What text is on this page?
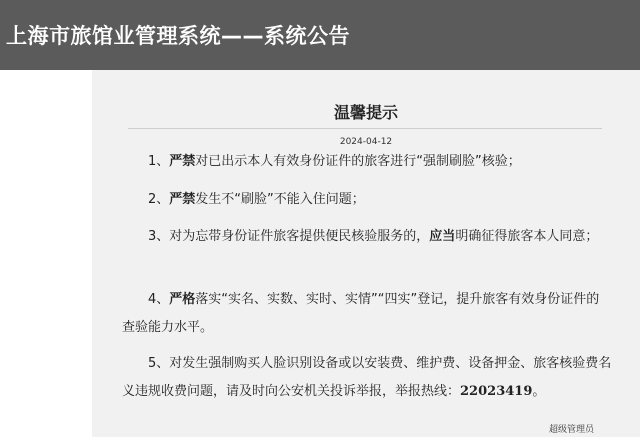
上海市旅馆业管理系统——系统公告
温馨提示
2024-04-12
1、严禁对已出示本人有效身份证件的旅客进行“强制刷脸”核验；
2、严禁发生不“刷脸”不能入住问题；
3、对为忘带身份证件旅客提供便民核验服务的，应当明确征得旅客本人同意；
4、严格落实“实名、实数、实时、实情”“四实”登记，提升旅客有效身份证件的查验能力水平。
5、对发生强制购买人脸识别设备或以安装费、维护费、设备押金、旅客核验费名义违规收费问题，请及时向公安机关投诉举报，举报热线：22023419。
超级管理员
